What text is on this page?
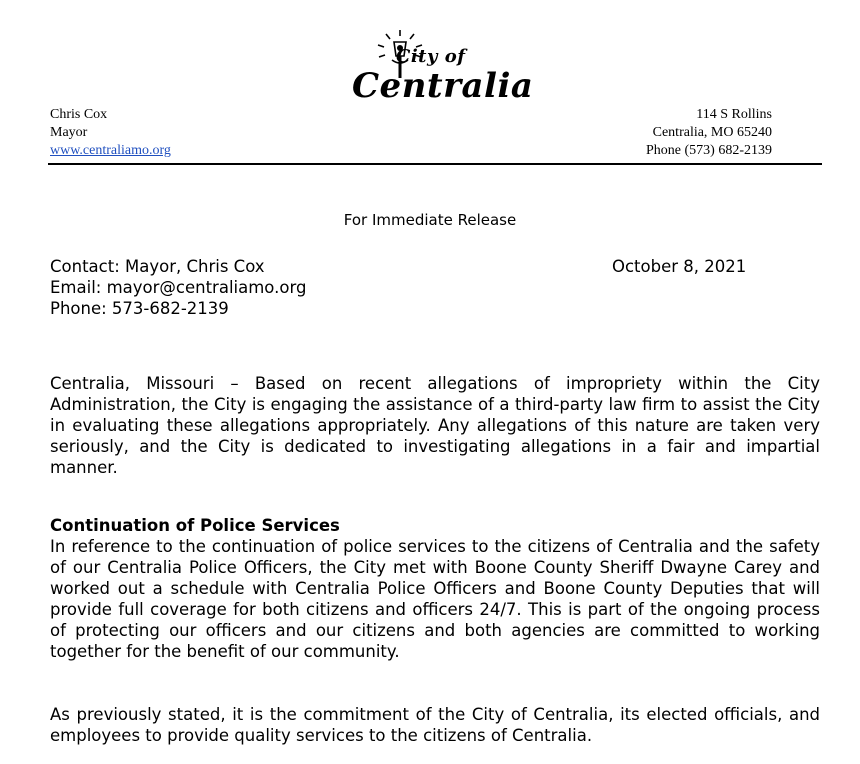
Chris Cox
Mayor
www.centraliamo.org
City of
Centralia
114 S Rollins
Centralia, MO 65240
Phone (573) 682-2139
For Immediate Release
Contact: Mayor, Chris Cox
Email: mayor@centraliamo.org
Phone: 573-682-2139
October 8, 2021
Centralia, Missouri – Based on recent allegations of impropriety within the City Administration, the City is engaging the assistance of a third-party law firm to assist the City in evaluating these allegations appropriately. Any allegations of this nature are taken very seriously, and the City is dedicated to investigating allegations in a fair and impartial manner.
Continuation of Police Services
In reference to the continuation of police services to the citizens of Centralia and the safety of our Centralia Police Officers, the City met with Boone County Sheriff Dwayne Carey and worked out a schedule with Centralia Police Officers and Boone County Deputies that will provide full coverage for both citizens and officers 24/7. This is part of the ongoing process of protecting our officers and our citizens and both agencies are committed to working together for the benefit of our community.
As previously stated, it is the commitment of the City of Centralia, its elected officials, and employees to provide quality services to the citizens of Centralia.
